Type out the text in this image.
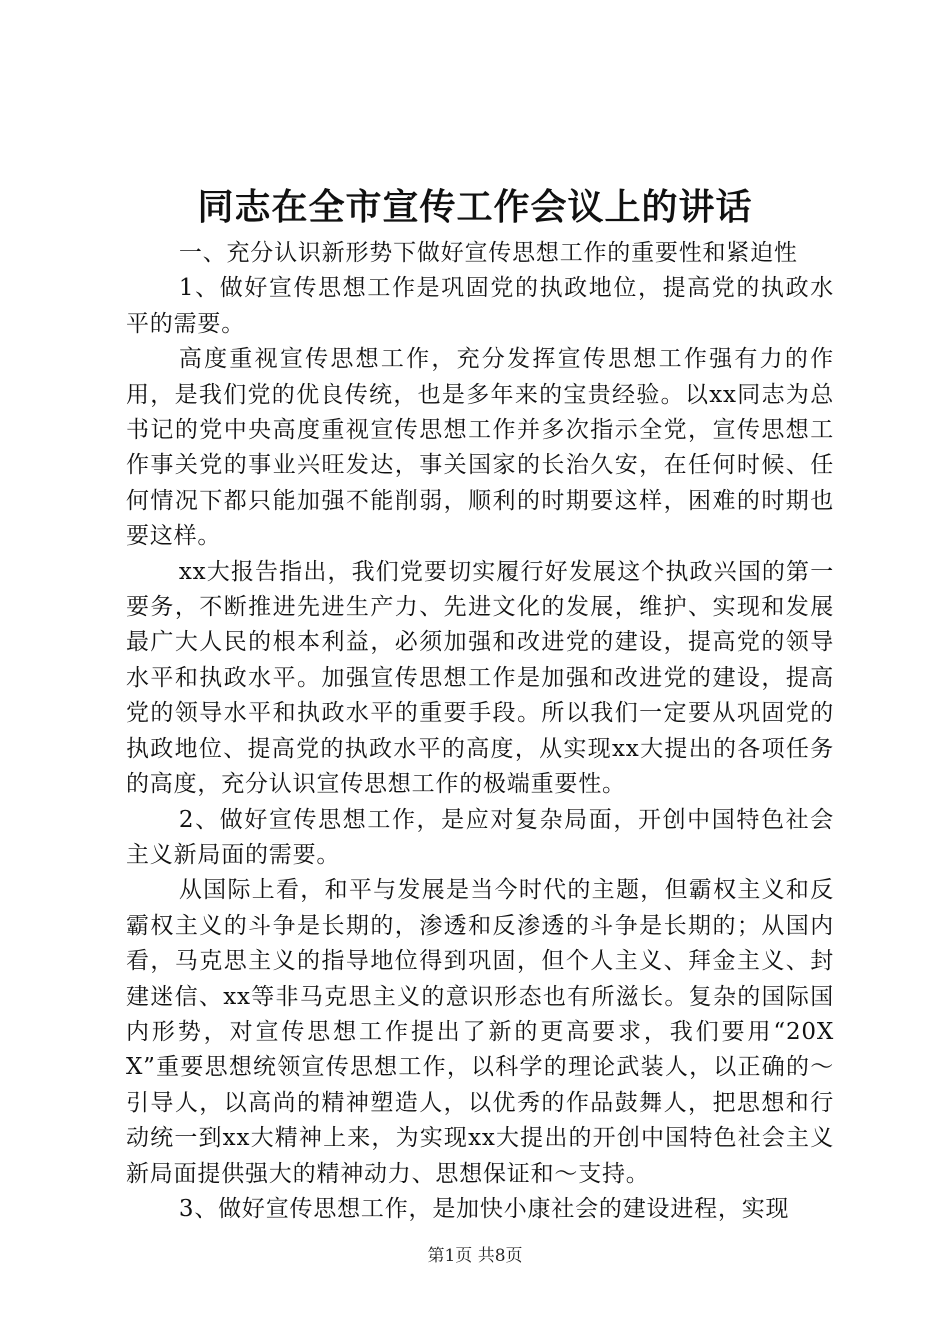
同志在全市宣传工作会议上的讲话

一、充分认识新形势下做好宣传思想工作的重要性和紧迫性

1、做好宣传思想工作是巩固党的执政地位，提高党的执政水平的需要。

高度重视宣传思想工作，充分发挥宣传思想工作强有力的作用，是我们党的优良传统，也是多年来的宝贵经验。以xx同志为总书记的党中央高度重视宣传思想工作并多次指示全党，宣传思想工作事关党的事业兴旺发达，事关国家的长治久安，在任何时候、任何情况下都只能加强不能削弱，顺利的时期要这样，困难的时期也要这样。

xx大报告指出，我们党要切实履行好发展这个执政兴国的第一要务，不断推进先进生产力、先进文化的发展，维护、实现和发展最广大人民的根本利益，必须加强和改进党的建设，提高党的领导水平和执政水平。加强宣传思想工作是加强和改进党的建设，提高党的领导水平和执政水平的重要手段。所以我们一定要从巩固党的执政地位、提高党的执政水平的高度，从实现xx大提出的各项任务的高度，充分认识宣传思想工作的极端重要性。

2、做好宣传思想工作，是应对复杂局面，开创中国特色社会主义新局面的需要。

从国际上看，和平与发展是当今时代的主题，但霸权主义和反霸权主义的斗争是长期的，渗透和反渗透的斗争是长期的；从国内看，马克思主义的指导地位得到巩固，但个人主义、拜金主义、封建迷信、xx等非马克思主义的意识形态也有所滋长。复杂的国际国内形势，对宣传思想工作提出了新的更高要求，我们要用“20XX”重要思想统领宣传思想工作，以科学的理论武装人，以正确的～引导人，以高尚的精神塑造人，以优秀的作品鼓舞人，把思想和行动统一到xx大精神上来，为实现xx大提出的开创中国特色社会主义新局面提供强大的精神动力、思想保证和～支持。

3、做好宣传思想工作，是加快小康社会的建设进程，实现

第1页 共8页
